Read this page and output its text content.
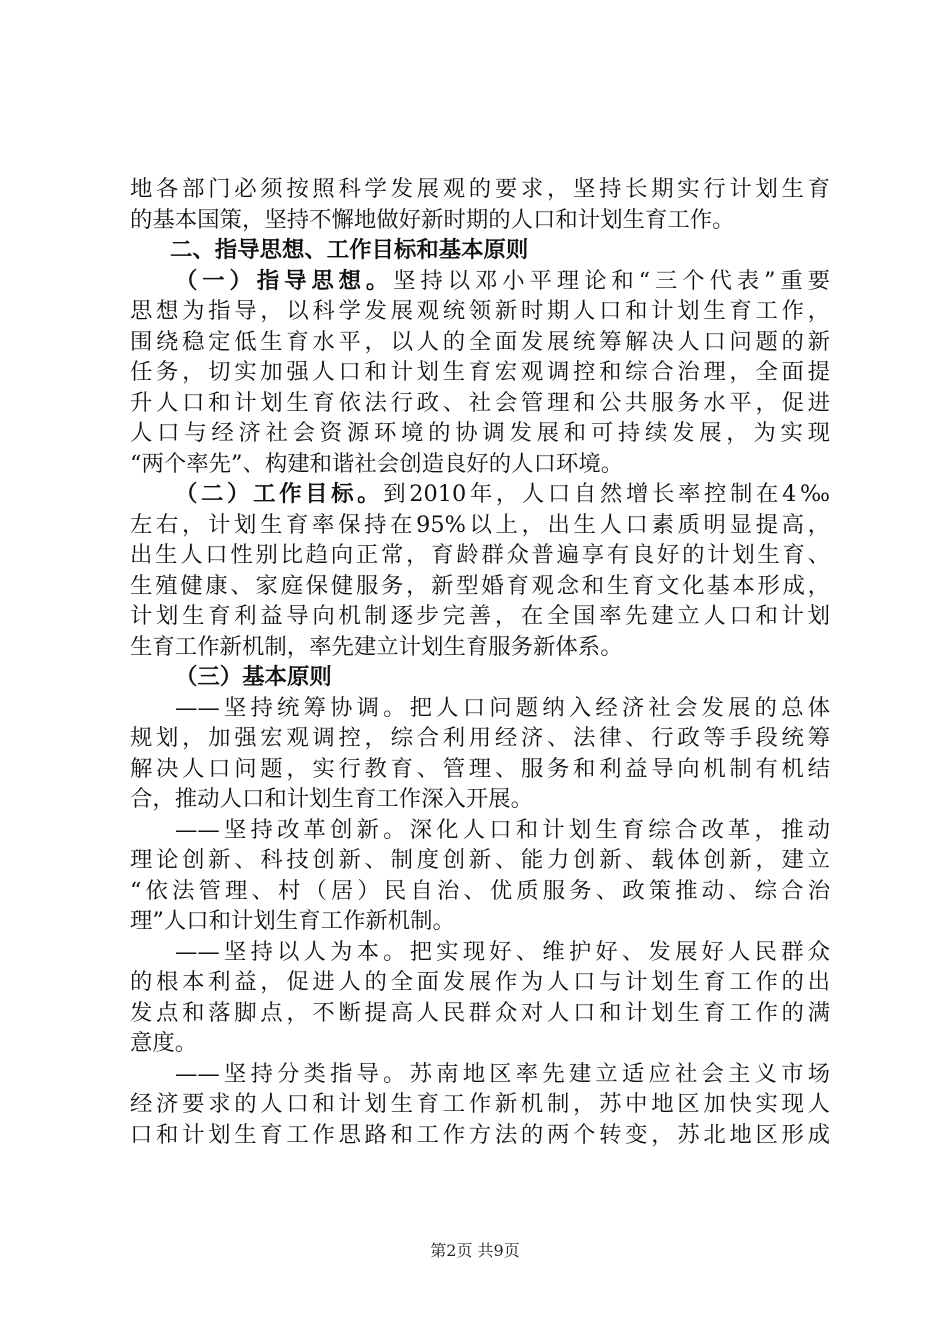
地各部门必须按照科学发展观的要求，坚持长期实行计划生育
的基本国策，坚持不懈地做好新时期的人口和计划生育工作。
二、指导思想、工作目标和基本原则
（一）指导思想。坚持以邓小平理论和“三个代表”重要
思想为指导，以科学发展观统领新时期人口和计划生育工作，
围绕稳定低生育水平，以人的全面发展统筹解决人口问题的新
任务，切实加强人口和计划生育宏观调控和综合治理，全面提
升人口和计划生育依法行政、社会管理和公共服务水平，促进
人口与经济社会资源环境的协调发展和可持续发展，为实现
“两个率先”、构建和谐社会创造良好的人口环境。
（二）工作目标。到2010年，人口自然增长率控制在4‰
左右，计划生育率保持在95%以上，出生人口素质明显提高，
出生人口性别比趋向正常，育龄群众普遍享有良好的计划生育、
生殖健康、家庭保健服务，新型婚育观念和生育文化基本形成，
计划生育利益导向机制逐步完善，在全国率先建立人口和计划
生育工作新机制，率先建立计划生育服务新体系。
（三）基本原则
——坚持统筹协调。把人口问题纳入经济社会发展的总体
规划，加强宏观调控，综合利用经济、法律、行政等手段统筹
解决人口问题，实行教育、管理、服务和利益导向机制有机结
合，推动人口和计划生育工作深入开展。
——坚持改革创新。深化人口和计划生育综合改革，推动
理论创新、科技创新、制度创新、能力创新、载体创新，建立
“依法管理、村（居）民自治、优质服务、政策推动、综合治
理”人口和计划生育工作新机制。
——坚持以人为本。把实现好、维护好、发展好人民群众
的根本利益，促进人的全面发展作为人口与计划生育工作的出
发点和落脚点，不断提高人民群众对人口和计划生育工作的满
意度。
——坚持分类指导。苏南地区率先建立适应社会主义市场
经济要求的人口和计划生育工作新机制，苏中地区加快实现人
口和计划生育工作思路和工作方法的两个转变，苏北地区形成
第2页 共9页
